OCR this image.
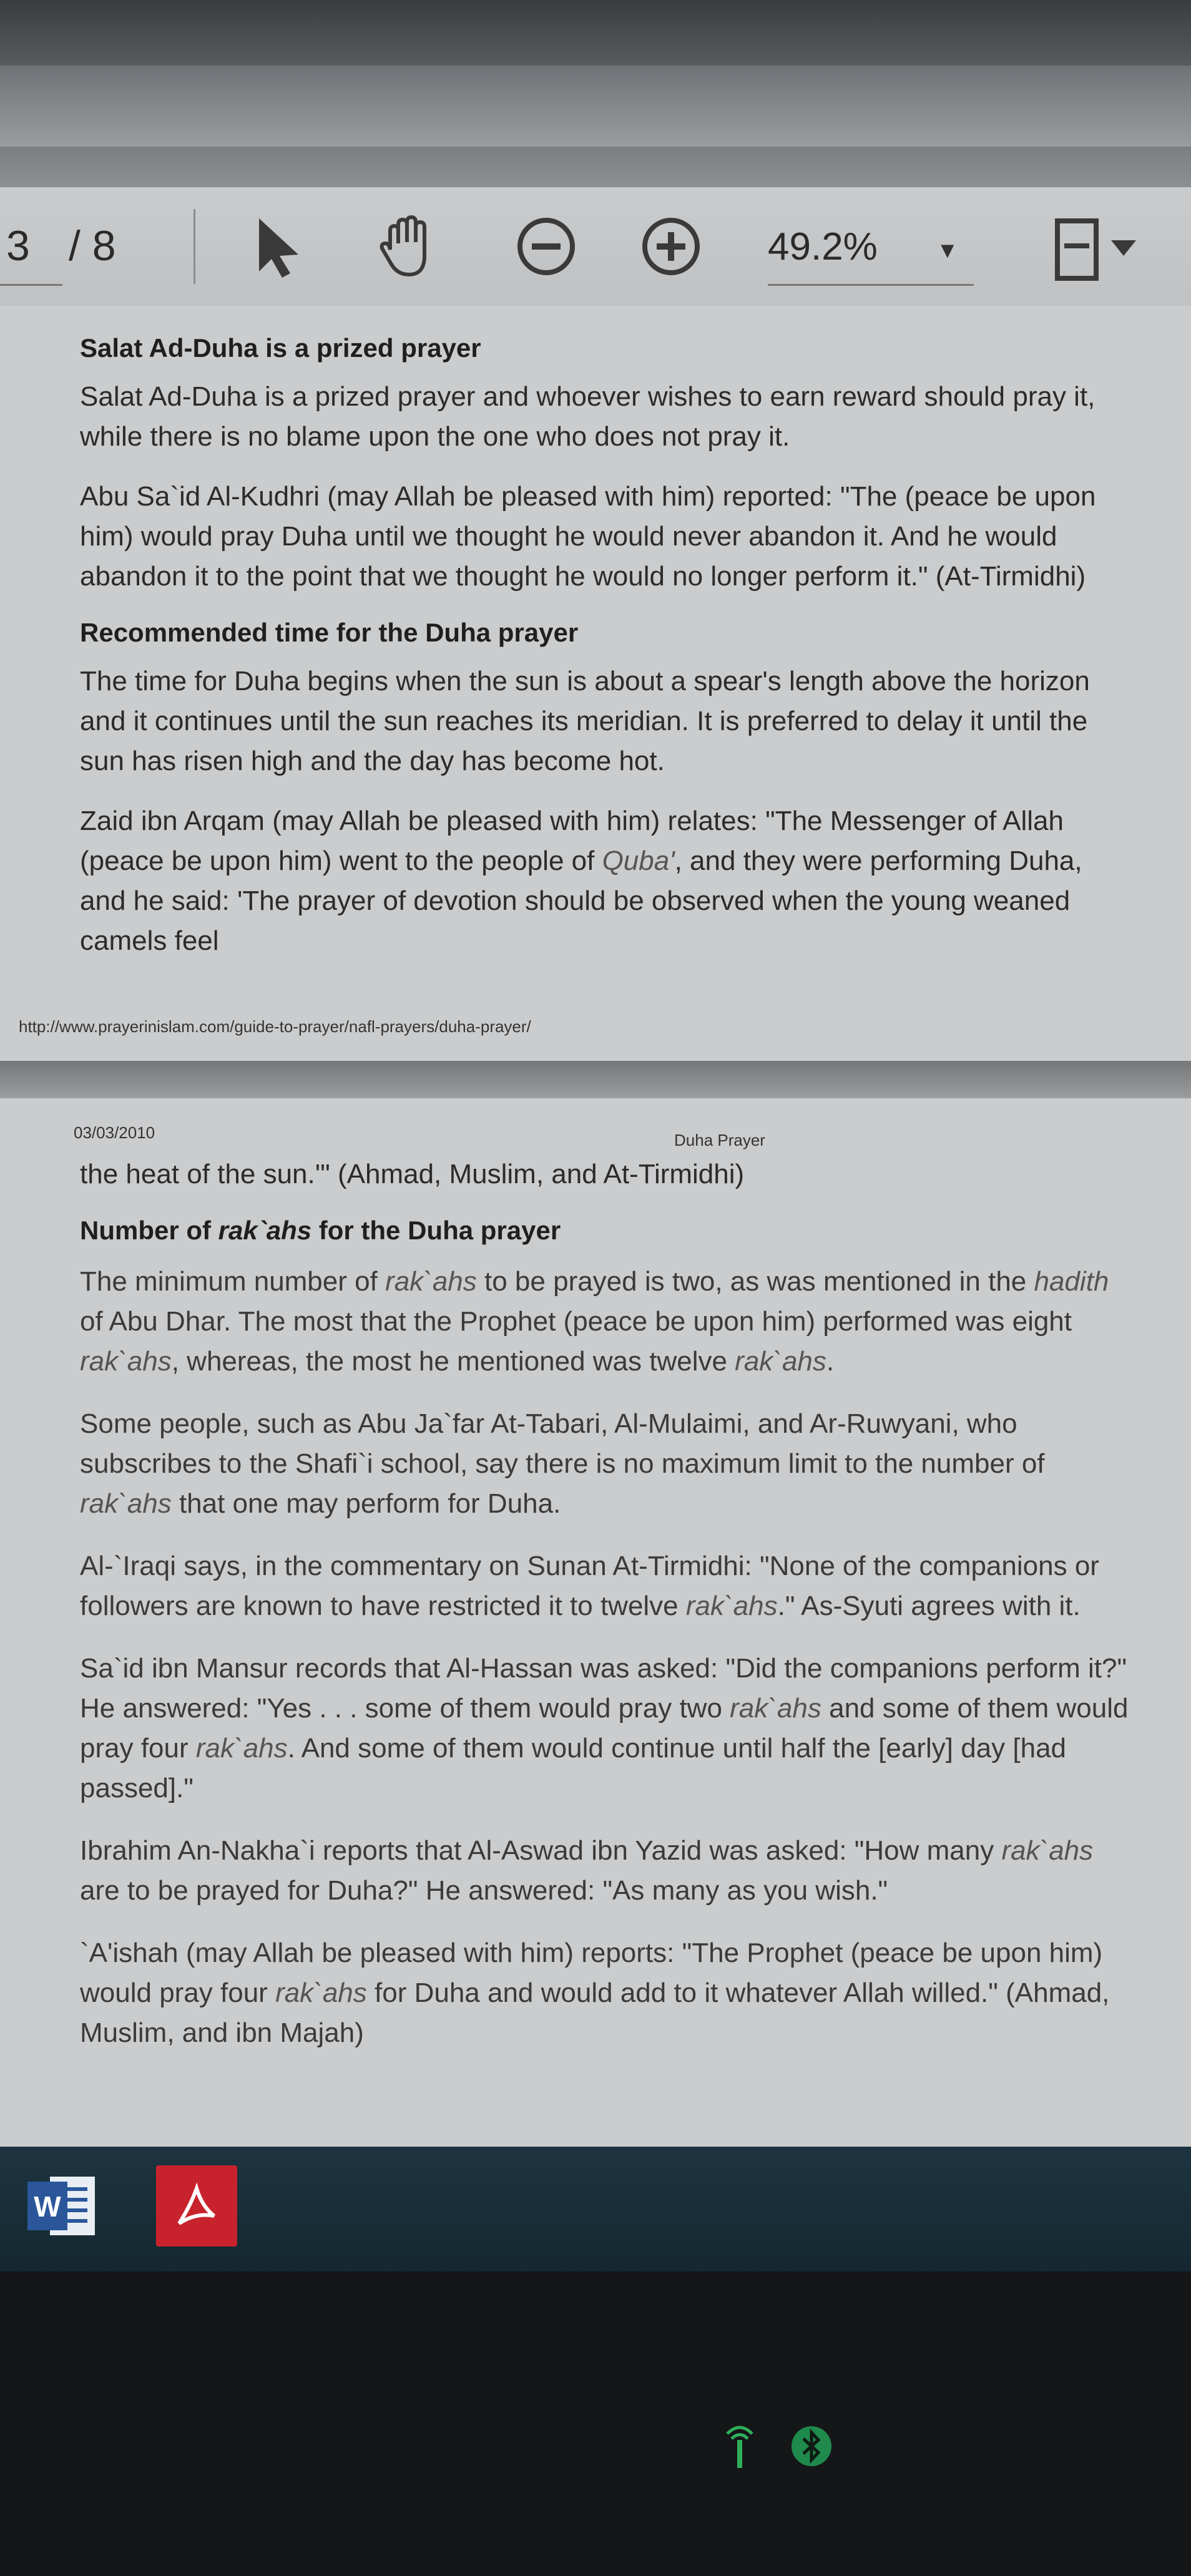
3 / 8	49.2%	▼

Salat Ad-Duha is a prized prayer

Salat Ad-Duha is a prized prayer and whoever wishes to earn reward should pray it, while there is no blame upon the one who does not pray it.

Abu Sa`id Al-Kudhri (may Allah be pleased with him) reported: "The (peace be upon him) would pray Duha until we thought he would never abandon it. And he would abandon it to the point that we thought he would no longer perform it." (At-Tirmidhi)

Recommended time for the Duha prayer

The time for Duha begins when the sun is about a spear's length above the horizon and it continues until the sun reaches its meridian. It is preferred to delay it until the sun has risen high and the day has become hot.

Zaid ibn Arqam (may Allah be pleased with him) relates: "The Messenger of Allah (peace be upon him) went to the people of Quba', and they were performing Duha, and he said: 'The prayer of devotion should be observed when the young weaned camels feel

http://www.prayerinislam.com/guide-to-prayer/nafl-prayers/duha-prayer/
03/03/2010	Duha Prayer

the heat of the sun.'" (Ahmad, Muslim, and At-Tirmidhi)

Number of rak`ahs for the Duha prayer

The minimum number of rak`ahs to be prayed is two, as was mentioned in the hadith of Abu Dhar. The most that the Prophet (peace be upon him) performed was eight rak`ahs, whereas, the most he mentioned was twelve rak`ahs.

Some people, such as Abu Ja`far At-Tabari, Al-Mulaimi, and Ar-Ruwyani, who subscribes to the Shafi`i school, say there is no maximum limit to the number of rak`ahs that one may perform for Duha.

Al-`Iraqi says, in the commentary on Sunan At-Tirmidhi: "None of the companions or followers are known to have restricted it to twelve rak`ahs." As-Syuti agrees with it.

Sa`id ibn Mansur records that Al-Hassan was asked: "Did the companions perform it?" He answered: "Yes . . . some of them would pray two rak`ahs and some of them would pray four rak`ahs. And some of them would continue until half the [early] day [had passed]."

Ibrahim An-Nakha`i reports that Al-Aswad ibn Yazid was asked: "How many rak`ahs are to be prayed for Duha?" He answered: "As many as you wish."

`A'ishah (may Allah be pleased with him) reports: "The Prophet (peace be upon him) would pray four rak`ahs for Duha and would add to it whatever Allah willed." (Ahmad, Muslim, and ibn Majah)

W
